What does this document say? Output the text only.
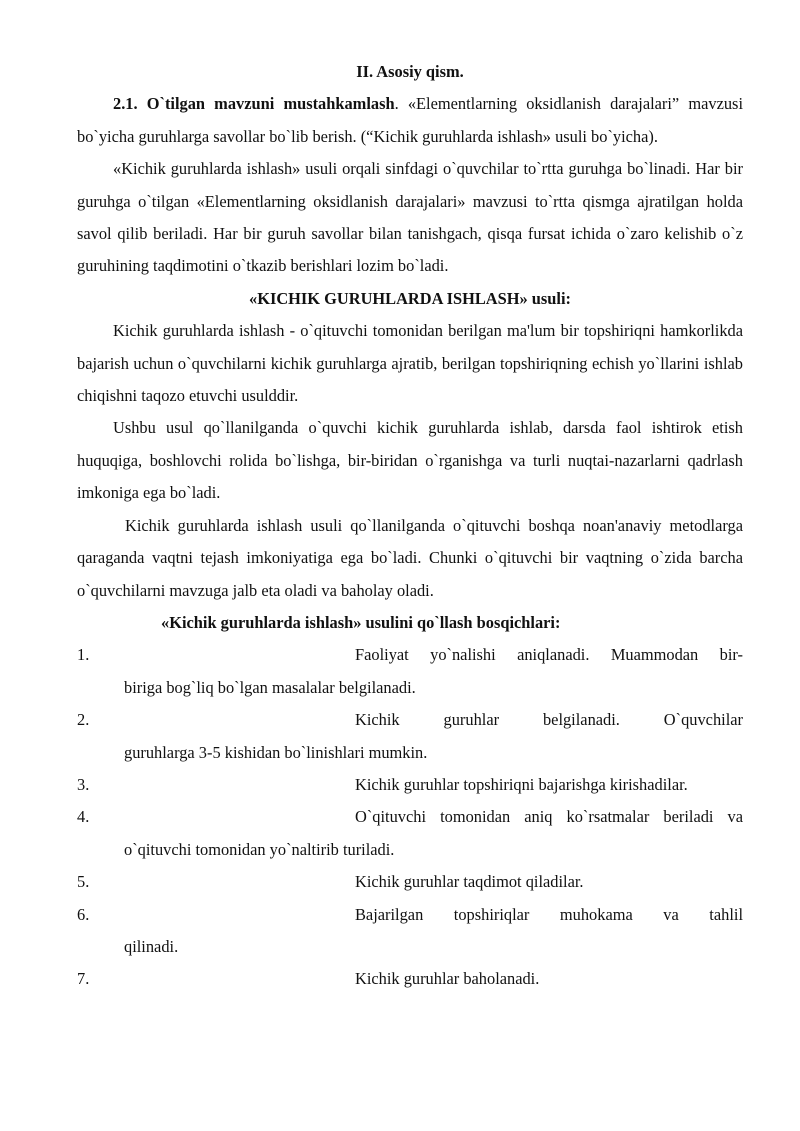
II. Asosiy qism.

2.1. O`tilgan mavzuni mustahkamlash. «Elementlarning oksidlanish darajalari” mavzusi bo`yicha guruhlarga savollar bo`lib berish. (“Kichik guruhlarda ishlash» usuli bo`yicha).

«Kichik guruhlarda ishlash» usuli orqali sinfdagi o`quvchilar to`rtta guruhga bo`linadi. Har bir guruhga o`tilgan «Elementlarning oksidlanish darajalari» mavzusi to`rtta qismga ajratilgan holda savol qilib beriladi. Har bir guruh savollar bilan tanishgach, qisqa fursat ichida o`zaro kelishib o`z guruhining taqdimotini o`tkazib berishlari lozim bo`ladi.

«KICHIK GURUHLARDA ISHLASH» usuli:

Kichik guruhlarda ishlash - o`qituvchi tomonidan berilgan ma'lum bir topshiriqni hamkorlikda bajarish uchun o`quvchilarni kichik guruhlarga ajratib, berilgan topshiriqning echish yo`llarini ishlab chiqishni taqozo etuvchi usulddir.

Ushbu usul qo`llanilganda o`quvchi kichik guruhlarda ishlab, darsda faol ishtirok etish huquqiga, boshlovchi rolida bo`lishga, bir-biridan o`rganishga va turli nuqtai-nazarlarni qadrlash imkoniga ega bo`ladi.

Kichik guruhlarda ishlash usuli qo`llanilganda o`qituvchi boshqa noan'anaviy metodlarga qaraganda vaqtni tejash imkoniyatiga ega bo`ladi. Chunki o`qituvchi bir vaqtning o`zida barcha o`quvchilarni mavzuga jalb eta oladi va baholay oladi.

«Kichik guruhlarda ishlash» usulini qo`llash bosqichlari:

1.	Faoliyat yo`nalishi aniqlanadi. Muammodan bir-
biriga bog`liq bo`lgan masalalar belgilanadi.
2.	Kichik guruhlar belgilanadi. O`quvchilar
guruhlarga 3-5 kishidan bo`linishlari mumkin.
3.	Kichik guruhlar topshiriqni bajarishga kirishadilar.
4.	O`qituvchi tomonidan aniq ko`rsatmalar beriladi va
o`qituvchi tomonidan yo`naltirib turiladi.
5.	Kichik guruhlar taqdimot qiladilar.
6.	Bajarilgan topshiriqlar muhokama va tahlil
qilinadi.
7.	Kichik guruhlar baholanadi.
